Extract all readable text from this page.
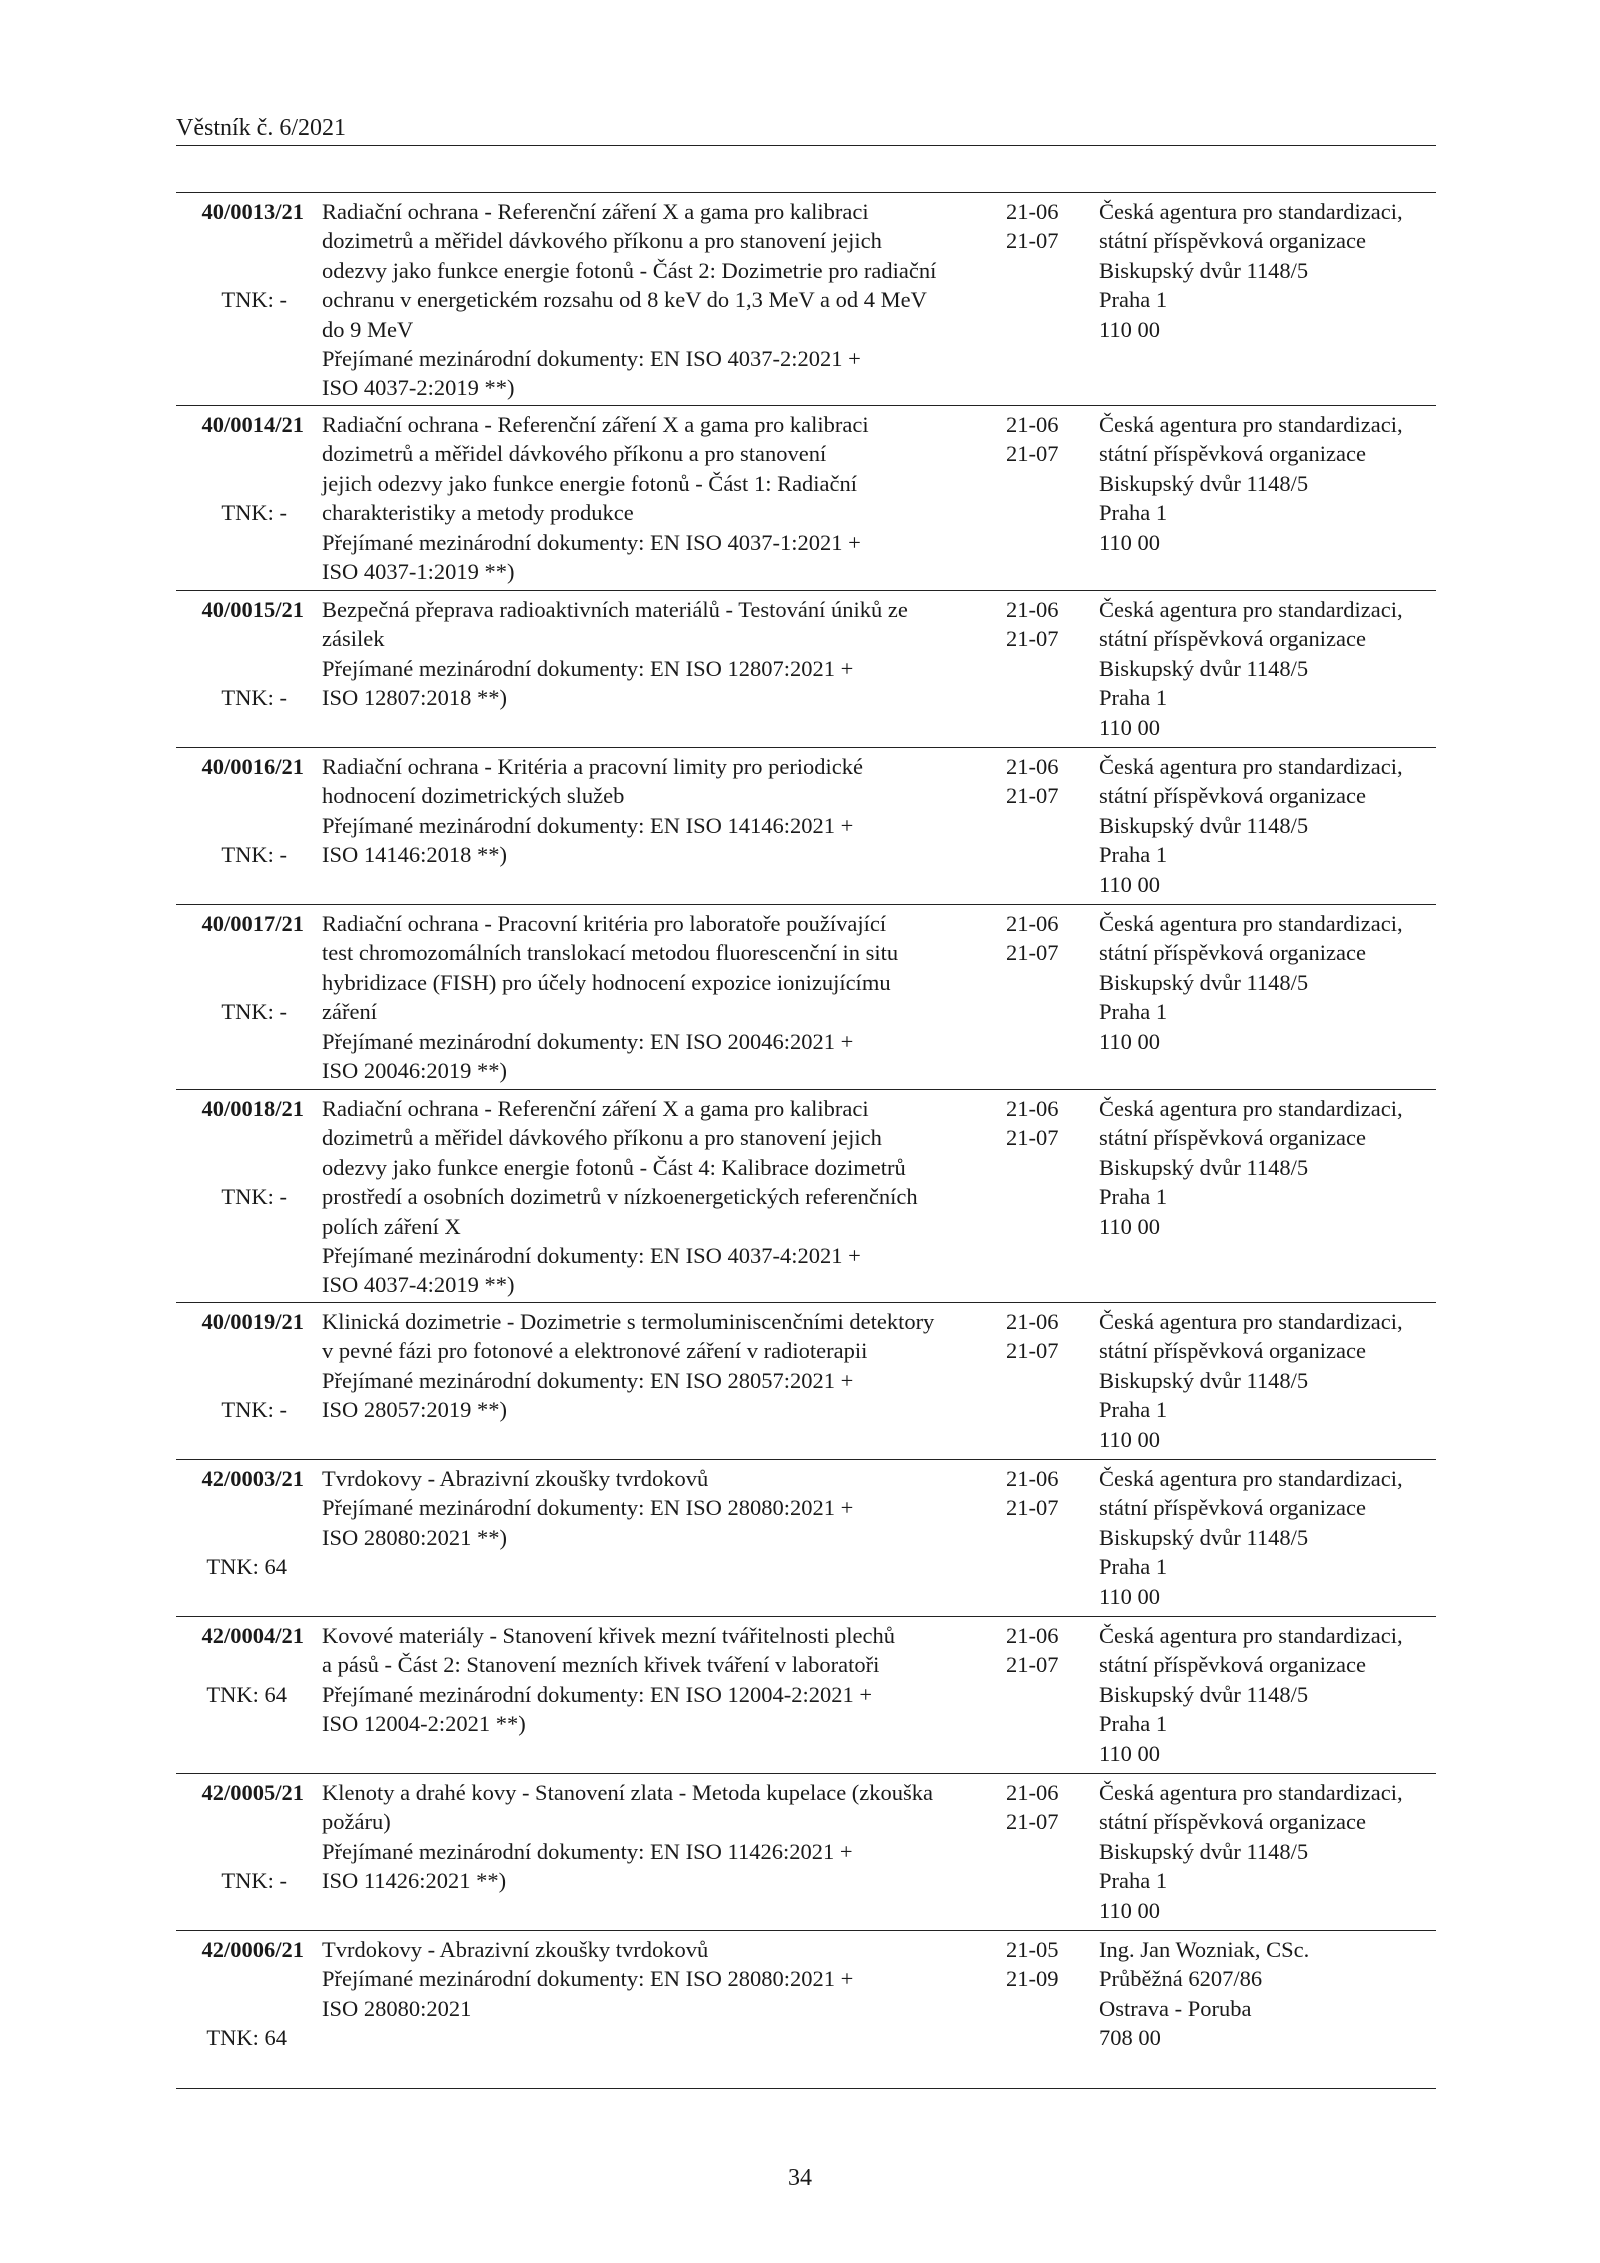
Věstník č. 6/2021
40/0013/21
TNK: -
Radiační ochrana - Referenční záření X a gama pro kalibraci
dozimetrů a měřidel dávkového příkonu a pro stanovení jejich
odezvy jako funkce energie fotonů - Část 2: Dozimetrie pro radiační
ochranu v energetickém rozsahu od 8 keV do 1,3 MeV a od 4 MeV
do 9 MeV
Přejímané mezinárodní dokumenty: EN ISO 4037-2:2021 +
ISO 4037-2:2019 **)
21-06
21-07
Česká agentura pro standardizaci,
státní příspěvková organizace
Biskupský dvůr 1148/5
Praha 1
110 00
40/0014/21
TNK: -
Radiační ochrana - Referenční záření X a gama pro kalibraci
dozimetrů a měřidel dávkového příkonu a pro stanovení
jejich odezvy jako funkce energie fotonů - Část 1: Radiační
charakteristiky a metody produkce
Přejímané mezinárodní dokumenty: EN ISO 4037-1:2021 +
ISO 4037-1:2019 **)
21-06
21-07
Česká agentura pro standardizaci,
státní příspěvková organizace
Biskupský dvůr 1148/5
Praha 1
110 00
40/0015/21
TNK: -
Bezpečná přeprava radioaktivních materiálů - Testování úniků ze
zásilek
Přejímané mezinárodní dokumenty: EN ISO 12807:2021 +
ISO 12807:2018 **)
21-06
21-07
Česká agentura pro standardizaci,
státní příspěvková organizace
Biskupský dvůr 1148/5
Praha 1
110 00
40/0016/21
TNK: -
Radiační ochrana - Kritéria a pracovní limity pro periodické
hodnocení dozimetrických služeb
Přejímané mezinárodní dokumenty: EN ISO 14146:2021 +
ISO 14146:2018 **)
21-06
21-07
Česká agentura pro standardizaci,
státní příspěvková organizace
Biskupský dvůr 1148/5
Praha 1
110 00
40/0017/21
TNK: -
Radiační ochrana - Pracovní kritéria pro laboratoře používající
test chromozomálních translokací metodou fluorescenční in situ
hybridizace (FISH) pro účely hodnocení expozice ionizujícímu
záření
Přejímané mezinárodní dokumenty: EN ISO 20046:2021 +
ISO 20046:2019 **)
21-06
21-07
Česká agentura pro standardizaci,
státní příspěvková organizace
Biskupský dvůr 1148/5
Praha 1
110 00
40/0018/21
TNK: -
Radiační ochrana - Referenční záření X a gama pro kalibraci
dozimetrů a měřidel dávkového příkonu a pro stanovení jejich
odezvy jako funkce energie fotonů - Část 4: Kalibrace dozimetrů
prostředí a osobních dozimetrů v nízkoenergetických referenčních
polích záření X
Přejímané mezinárodní dokumenty: EN ISO 4037-4:2021 +
ISO 4037-4:2019 **)
21-06
21-07
Česká agentura pro standardizaci,
státní příspěvková organizace
Biskupský dvůr 1148/5
Praha 1
110 00
40/0019/21
TNK: -
Klinická dozimetrie - Dozimetrie s termoluminiscenčními detektory
v pevné fázi pro fotonové a elektronové záření v radioterapii
Přejímané mezinárodní dokumenty: EN ISO 28057:2021 +
ISO 28057:2019 **)
21-06
21-07
Česká agentura pro standardizaci,
státní příspěvková organizace
Biskupský dvůr 1148/5
Praha 1
110 00
42/0003/21
TNK: 64
Tvrdokovy - Abrazivní zkoušky tvrdokovů
Přejímané mezinárodní dokumenty: EN ISO 28080:2021 +
ISO 28080:2021 **)
21-06
21-07
Česká agentura pro standardizaci,
státní příspěvková organizace
Biskupský dvůr 1148/5
Praha 1
110 00
42/0004/21
TNK: 64
Kovové materiály - Stanovení křivek mezní tvářitelnosti plechů
a pásů - Část 2: Stanovení mezních křivek tváření v laboratoři
Přejímané mezinárodní dokumenty: EN ISO 12004-2:2021 +
ISO 12004-2:2021 **)
21-06
21-07
Česká agentura pro standardizaci,
státní příspěvková organizace
Biskupský dvůr 1148/5
Praha 1
110 00
42/0005/21
TNK: -
Klenoty a drahé kovy - Stanovení zlata - Metoda kupelace (zkouška
požáru)
Přejímané mezinárodní dokumenty: EN ISO 11426:2021 +
ISO 11426:2021 **)
21-06
21-07
Česká agentura pro standardizaci,
státní příspěvková organizace
Biskupský dvůr 1148/5
Praha 1
110 00
42/0006/21
TNK: 64
Tvrdokovy - Abrazivní zkoušky tvrdokovů
Přejímané mezinárodní dokumenty: EN ISO 28080:2021 +
ISO 28080:2021
21-05
21-09
Ing. Jan Wozniak, CSc.
Průběžná 6207/86
Ostrava - Poruba
708 00
34
